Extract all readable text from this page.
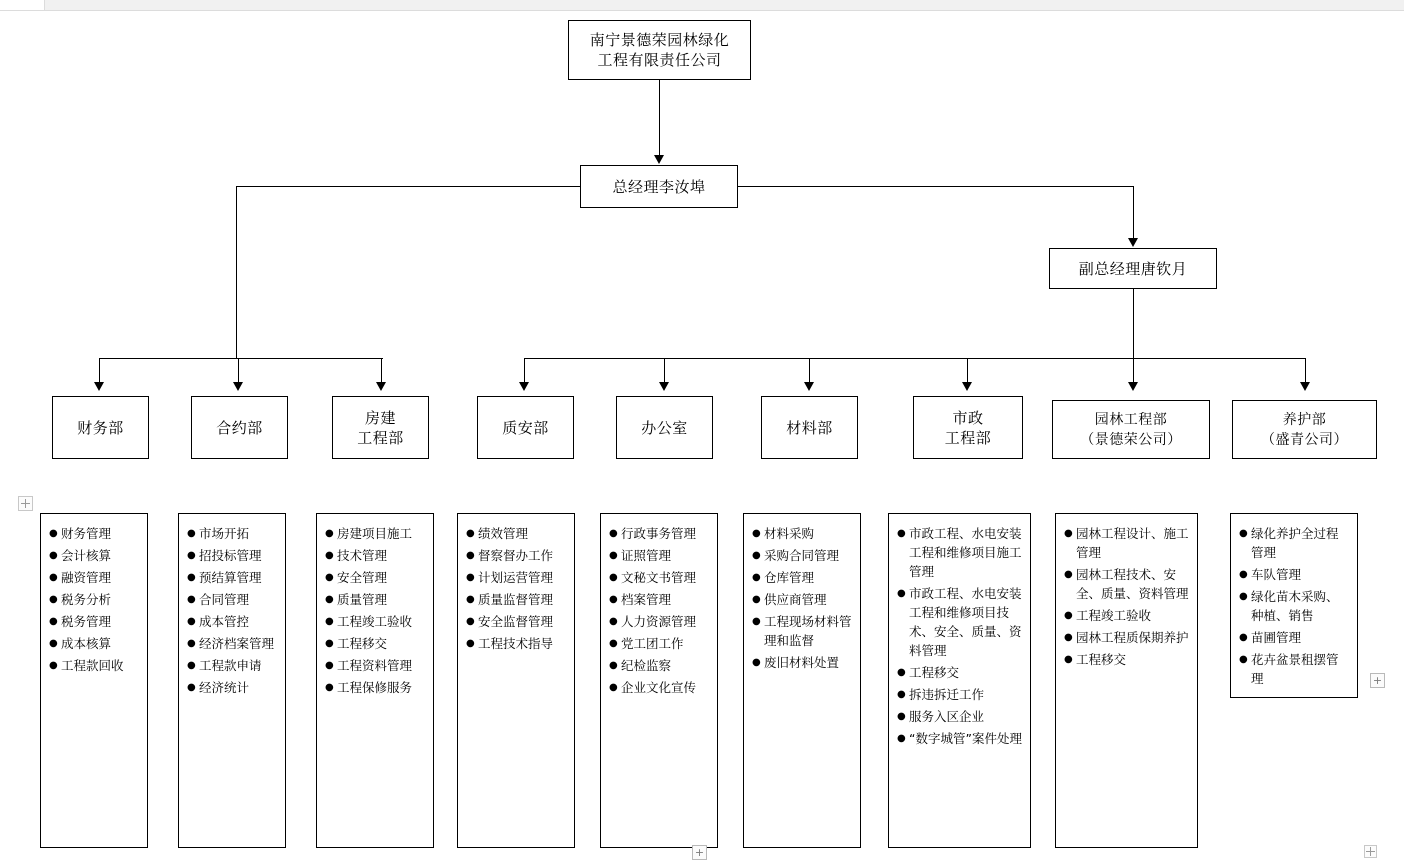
南宁景德荣园林绿化
工程有限责任公司
总经理李汝埠
副总经理唐钦月
财务部	合约部
房建
工程部
质安部	办公室	材料部
市政
工程部
园林工程部
（景德荣公司）
养护部
（盛青公司）
● 财务管理
● 会计核算
● 融资管理
● 税务分析
● 税务管理
● 成本核算
● 工程款回收
● 市场开拓
● 招投标管理
● 预结算管理
● 合同管理
● 成本管控
● 经济档案管理
● 工程款申请
● 经济统计
● 房建项目施工
● 技术管理
● 安全管理
● 质量管理
● 工程竣工验收
● 工程移交
● 工程资料管理
● 工程保修服务
● 绩效管理
● 督察督办工作
● 计划运营管理
● 质量监督管理
● 安全监督管理
● 工程技术指导
● 行政事务管理
● 证照管理
● 文秘文书管理
● 档案管理
● 人力资源管理
● 党工团工作
● 纪检监察
● 企业文化宣传
● 材料采购
● 采购合同管理
● 仓库管理
● 供应商管理
● 工程现场材料管理和监督
● 废旧材料处置
● 市政工程、水电安装工程和维修项目施工管理
● 市政工程、水电安装工程和维修项目技术、安全、质量、资料管理
● 工程移交
● 拆违拆迁工作
● 服务入区企业
● “数字城管”案件处理
● 园林工程设计、施工管理
● 园林工程技术、安全、质量、资料管理
● 工程竣工验收
● 园林工程质保期养护
● 工程移交
● 绿化养护全过程管理
● 车队管理
● 绿化苗木采购、种植、销售
● 苗圃管理
● 花卉盆景租摆管理	+
+
